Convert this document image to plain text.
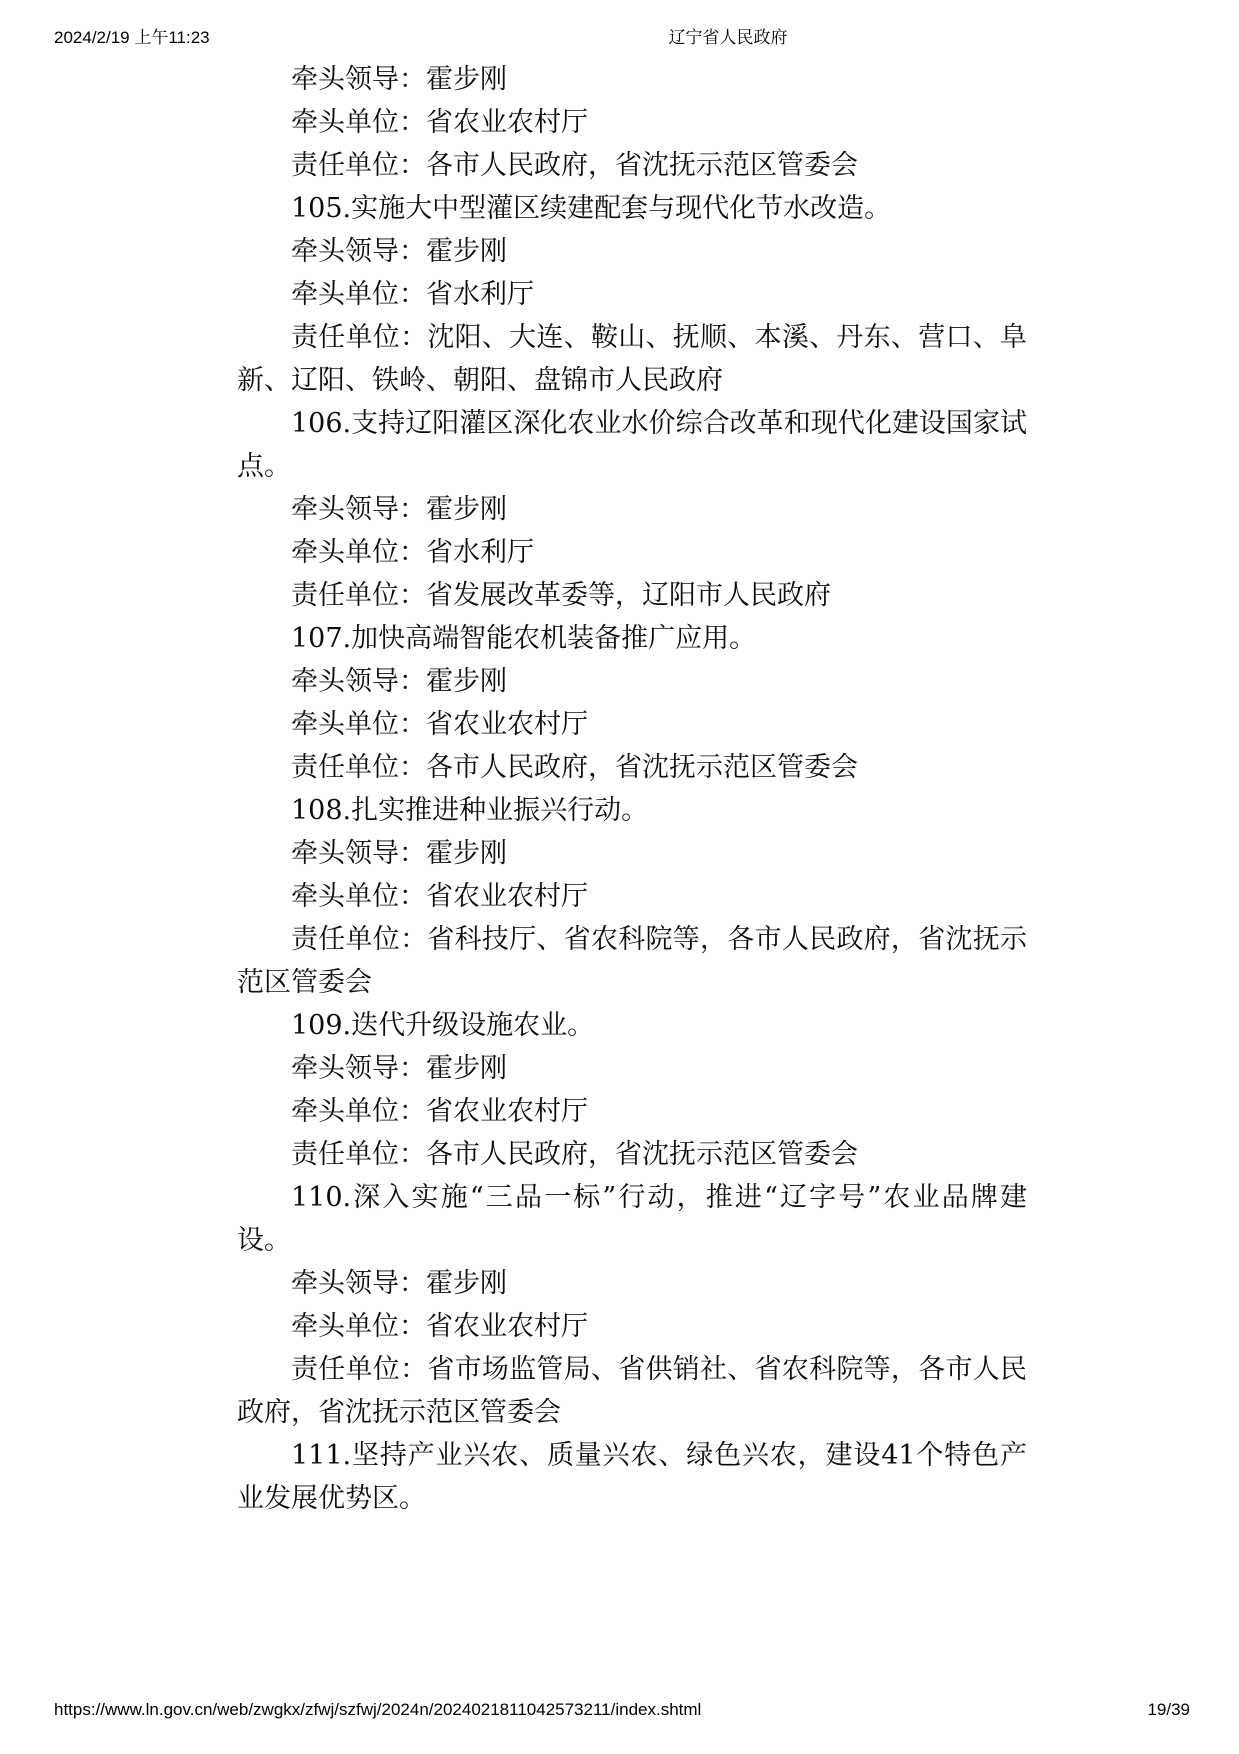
2024/2/19 上午11:23	辽宁省人民政府

牵头领导：霍步刚

牵头单位：省农业农村厅

责任单位：各市人民政府，省沈抚示范区管委会

105.实施大中型灌区续建配套与现代化节水改造。

牵头领导：霍步刚

牵头单位：省水利厅

责任单位：沈阳、大连、鞍山、抚顺、本溪、丹东、营口、阜新、辽阳、铁岭、朝阳、盘锦市人民政府

106.支持辽阳灌区深化农业水价综合改革和现代化建设国家试点。

牵头领导：霍步刚

牵头单位：省水利厅

责任单位：省发展改革委等，辽阳市人民政府

107.加快高端智能农机装备推广应用。

牵头领导：霍步刚

牵头单位：省农业农村厅

责任单位：各市人民政府，省沈抚示范区管委会

108.扎实推进种业振兴行动。

牵头领导：霍步刚

牵头单位：省农业农村厅

责任单位：省科技厅、省农科院等，各市人民政府，省沈抚示范区管委会

109.迭代升级设施农业。

牵头领导：霍步刚

牵头单位：省农业农村厅

责任单位：各市人民政府，省沈抚示范区管委会

110.深入实施“三品一标”行动，推进“辽字号”农业品牌建设。

牵头领导：霍步刚

牵头单位：省农业农村厅

责任单位：省市场监管局、省供销社、省农科院等，各市人民政府，省沈抚示范区管委会

111.坚持产业兴农、质量兴农、绿色兴农，建设41个特色产业发展优势区。

https://www.ln.gov.cn/web/zwgkx/zfwj/szfwj/2024n/2024021811042573211/index.shtml	19/39
